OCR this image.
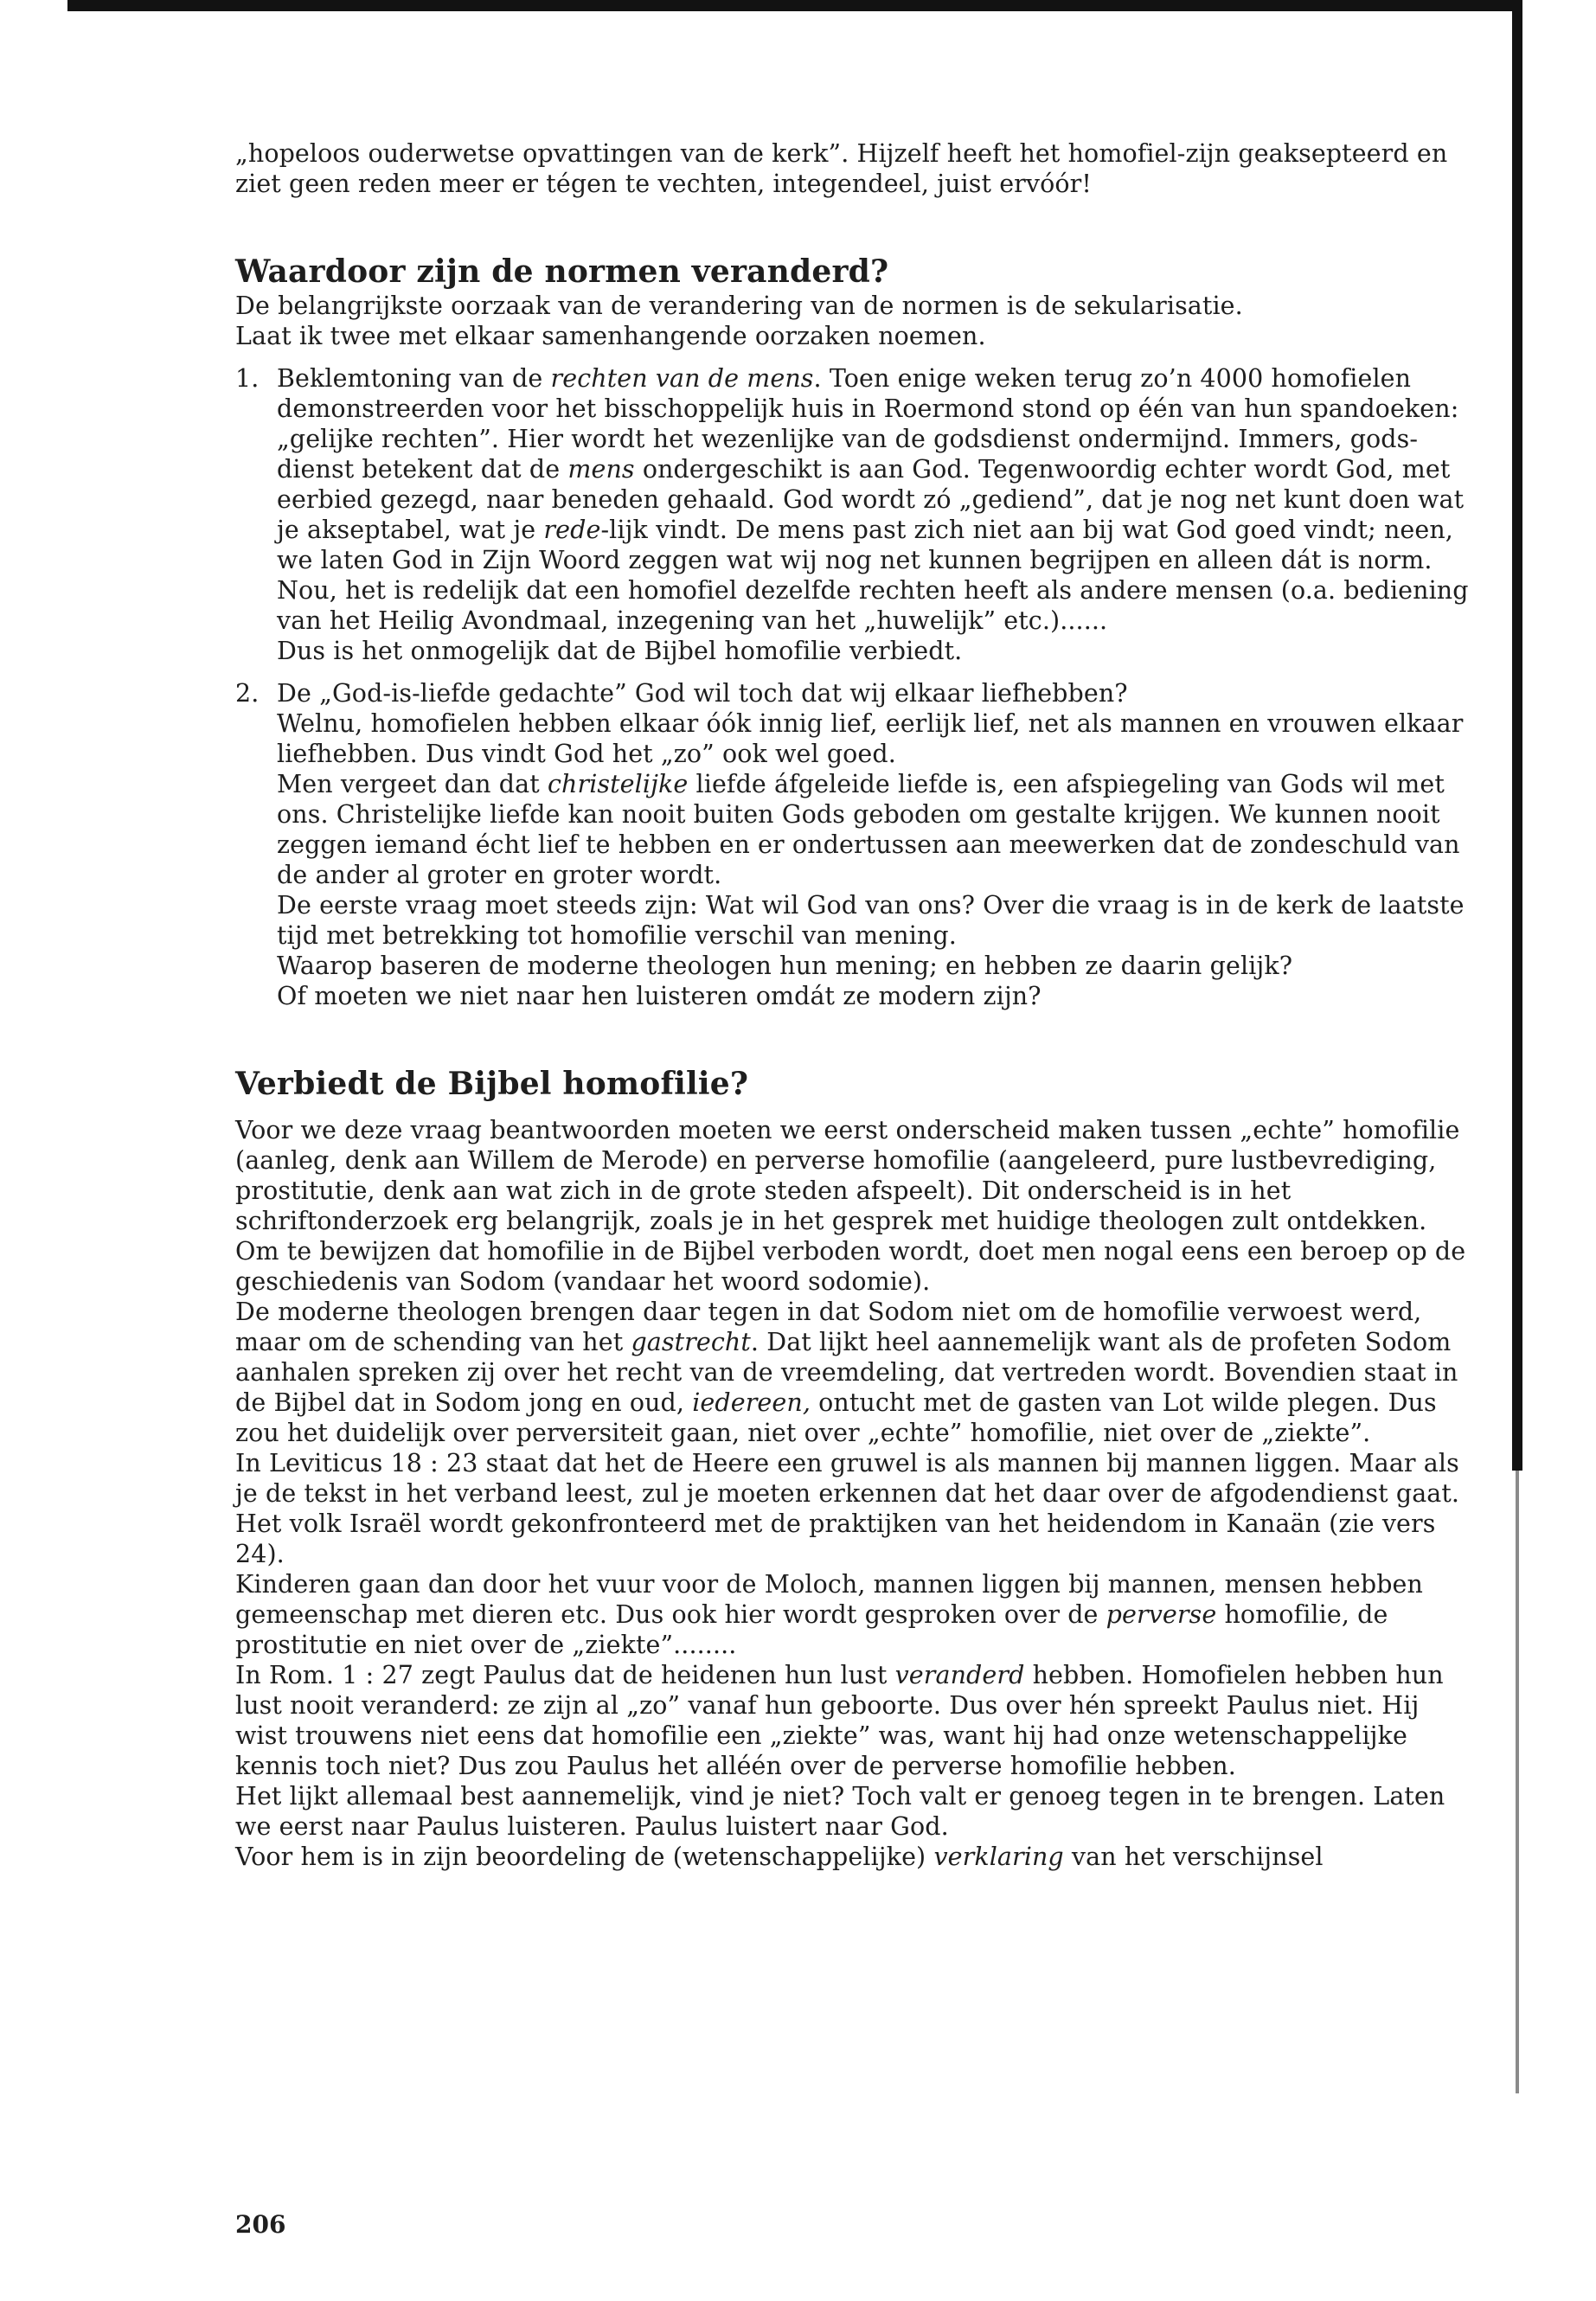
„hopeloos ouderwetse opvattingen van de kerk”. Hijzelf heeft het homofiel-zijn geaksepteerd en ziet geen reden meer er tégen te vechten, integendeel, juist ervóór!

Waardoor zijn de normen veranderd?

De belangrijkste oorzaak van de verandering van de normen is de sekularisatie.

Laat ik twee met elkaar samenhangende oorzaken noemen.

1. Beklemtoning van de rechten van de mens. Toen enige weken terug zo’n 4000 homofielen demonstreerden voor het bisschoppelijk huis in Roermond stond op één van hun spandoeken: „gelijke rechten”. Hier wordt het wezenlijke van de godsdienst ondermijnd. Immers, gods-dienst betekent dat de mens ondergeschikt is aan God. Tegenwoordig echter wordt God, met eerbied gezegd, naar beneden gehaald. God wordt zó „gediend”, dat je nog net kunt doen wat je akseptabel, wat je rede-lijk vindt. De mens past zich niet aan bij wat God goed vindt; neen, we laten God in Zijn Woord zeggen wat wij nog net kunnen begrijpen en alleen dát is norm. Nou, het is redelijk dat een homofiel dezelfde rechten heeft als andere mensen (o.a. bediening van het Heilig Avondmaal, inzegening van het „huwelijk” etc.)......

Dus is het onmogelijk dat de Bijbel homofilie verbiedt.

2. De „God-is-liefde gedachte” God wil toch dat wij elkaar liefhebben?

Welnu, homofielen hebben elkaar óók innig lief, eerlijk lief, net als mannen en vrouwen elkaar liefhebben. Dus vindt God het „zo” ook wel goed.

Men vergeet dan dat christelijke liefde áfgeleide liefde is, een afspiegeling van Gods wil met ons. Christelijke liefde kan nooit buiten Gods geboden om gestalte krijgen. We kunnen nooit zeggen iemand écht lief te hebben en er ondertussen aan meewerken dat de zondeschuld van de ander al groter en groter wordt.

De eerste vraag moet steeds zijn: Wat wil God van ons? Over die vraag is in de kerk de laatste tijd met betrekking tot homofilie verschil van mening.

Waarop baseren de moderne theologen hun mening; en hebben ze daarin gelijk?

Of moeten we niet naar hen luisteren omdát ze modern zijn?

Verbiedt de Bijbel homofilie?

Voor we deze vraag beantwoorden moeten we eerst onderscheid maken tussen „echte” homofilie (aanleg, denk aan Willem de Merode) en perverse homofilie (aangeleerd, pure lustbevrediging, prostitutie, denk aan wat zich in de grote steden afspeelt). Dit onderscheid is in het schriftonderzoek erg belangrijk, zoals je in het gesprek met huidige theologen zult ontdekken.

Om te bewijzen dat homofilie in de Bijbel verboden wordt, doet men nogal eens een beroep op de geschiedenis van Sodom (vandaar het woord sodomie).

De moderne theologen brengen daar tegen in dat Sodom niet om de homofilie verwoest werd, maar om de schending van het gastrecht. Dat lijkt heel aannemelijk want als de profeten Sodom aanhalen spreken zij over het recht van de vreemdeling, dat vertreden wordt. Bovendien staat in de Bijbel dat in Sodom jong en oud, iedereen, ontucht met de gasten van Lot wilde plegen. Dus zou het duidelijk over perversiteit gaan, niet over „echte” homofilie, niet over de „ziekte”.

In Leviticus 18 : 23 staat dat het de Heere een gruwel is als mannen bij mannen liggen. Maar als je de tekst in het verband leest, zul je moeten erkennen dat het daar over de afgodendienst gaat. Het volk Israël wordt gekonfronteerd met de praktijken van het heidendom in Kanaän (zie vers 24).

Kinderen gaan dan door het vuur voor de Moloch, mannen liggen bij mannen, mensen hebben gemeenschap met dieren etc. Dus ook hier wordt gesproken over de perverse homofilie, de prostitutie en niet over de „ziekte”........

In Rom. 1 : 27 zegt Paulus dat de heidenen hun lust veranderd hebben. Homofielen hebben hun lust nooit veranderd: ze zijn al „zo” vanaf hun geboorte. Dus over hén spreekt Paulus niet. Hij wist trouwens niet eens dat homofilie een „ziekte” was, want hij had onze wetenschappelijke kennis toch niet? Dus zou Paulus het alléén over de perverse homofilie hebben.

Het lijkt allemaal best aannemelijk, vind je niet? Toch valt er genoeg tegen in te brengen. Laten we eerst naar Paulus luisteren. Paulus luistert naar God.

Voor hem is in zijn beoordeling de (wetenschappelijke) verklaring van het verschijnsel

206
